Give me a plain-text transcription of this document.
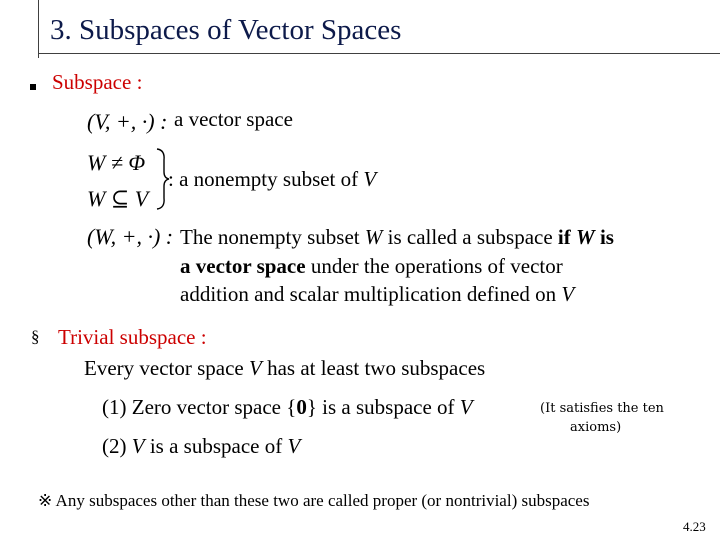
3. Subspaces of Vector Spaces
Subspace :
(V, +, ·) : a vector space
W ≠ Φ
W ⊆ V
: a nonempty subset of V
(W, +, ·) : The nonempty subset W is called a subspace if W is
a vector space under the operations of vector
addition and scalar multiplication defined on V
§ Trivial subspace :
Every vector space V has at least two subspaces
(1) Zero vector space {0} is a subspace of V	(It satisfies the ten
axioms)
(2) V is a subspace of V
※ Any subspaces other than these two are called proper (or nontrivial) subspaces
4.23
